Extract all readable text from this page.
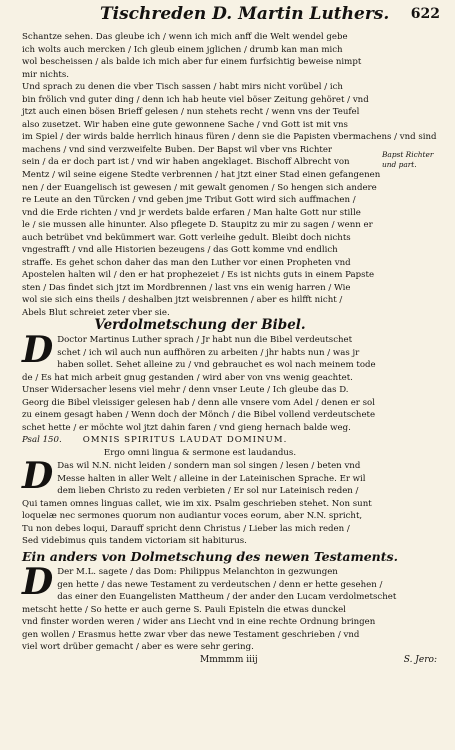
Tischreden D. Martin Luthers. 622
Bapst Richter und part.
Schantze sehen. Das gleube ich / wenn ich mich anff die Welt wendel gebe
ich wolts auch mercken / Ich gleub einem jglichen / drumb kan man mich
wol bescheissen / als balde ich mich aber fur einem furfsichtig beweise nimpt
mir nichts.
Und sprach zu denen die vber Tisch sassen / habt mirs nicht vorübel / ich
bin frölich vnd guter ding / denn ich hab heute viel böser Zeitung gehöret / vnd
jtzt auch einen bösen Brieff gelesen / nun stehets recht / wenn vns der Teufel
also zusetzet. Wir haben eine gute gewonnene Sache / vnd Gott ist mit vns
im Spiel / der wirds balde herrlich hinaus füren / denn sie die Papisten vbermachens / vnd sind
machens / vnd sind verzweifelte Buben. Der Bapst wil vber vns Richter
sein / da er doch part ist / vnd wir haben angeklaget. Bischoff Albrecht von
Mentz / wil seine eigene Stedte verbrennen / hat jtzt einer Stad einen gefangenen
nen / der Euangelisch ist gewesen / mit gewalt genomen / So hengen sich andere
re Leute an den Türcken / vnd geben jme Tribut Gott wird sich auffmachen /
vnd die Erde richten / vnd jr werdets balde erfaren / Man halte Gott nur stille
le / sie mussen alle hinunter. Also pflegete D. Staupitz zu mir zu sagen / wenn er
auch betrübet vnd bekümmert war. Gott verleihe gedult. Bleibt doch nichts
vngestrafft / vnd alle Historien bezeugens / das Gott komme vnd endlich
straffe. Es gehet schon daher das man den Luther vor einen Propheten vnd
Apostelen halten wil / den er hat prophezeiet / Es ist nichts guts in einem Papste
sten / Das findet sich jtzt im Mordbrennen / last vns ein wenig harren / Wie
wol sie sich eins theils / deshalben jtzt weisbrennen / aber es hilfft nicht /
Abels Blut schreiet zeter vber sie.
Verdolmetschung der Bibel.
D Doctor Martinus Luther sprach / Jr habt nun die Bibel verdeutschet
schet / ich wil auch nun auffhören zu arbeiten / jhr habts nun / was jr
haben sollet. Sehet alleine zu / vnd gebrauchet es wol nach meinem tode
de / Es hat mich arbeit gnug gestanden / wird aber von vns wenig geachtet.
Unser Widersacher lesens viel mehr / denn vnser Leute / Ich gleube das D.
Georg die Bibel vleissiger gelesen hab / denn alle vnsere vom Adel / denen er sol
zu einem gesagt haben / Wenn doch der Mönch / die Bibel vollend verdeutschete
schet hette / er möchte wol jtzt dahin faren / vnd gieng hernach balde weg.
Psal 150. OMNIS SPIRITUS LAUDAT DOMINUM.
Ergo omni lingua & sermone est laudandus.
D Das wil N.N. nicht leiden / sondern man sol singen / lesen / beten vnd
Messe halten in aller Welt / alleine in der Lateinischen Sprache. Er wil
dem lieben Christo zu reden verbieten / Er sol nur Lateinisch reden /
Qui tamen omnes linguas callet, wie im xix. Psalm geschrieben stehet. Non sunt
loquelæ nec sermones quorum non audiantur voces eorum, aber N.N. spricht,
Tu non debes loqui, Darauff spricht denn Christus / Lieber las mich reden /
Sed videbimus quis tandem victoriam sit habiturus.
Ein anders von Dolmetschung des newen Testaments.
D Der M.L. sagete / das Dom: Philippus Melanchton in gezwungen
gen hette / das newe Testament zu verdeutschen / denn er hette gesehen /
das einer den Euangelisten Mattheum / der ander den Lucam verdolmetschet
metscht hette / So hette er auch gerne S. Pauli Episteln die etwas dunckel
vnd finster worden weren / wider ans Liecht vnd in eine rechte Ordnung bringen
gen wollen / Erasmus hette zwar vber das newe Testament geschrieben / vnd
viel wort drüber gemacht / aber es were sehr gering.
Mmmmm iiij	S. Jero:
